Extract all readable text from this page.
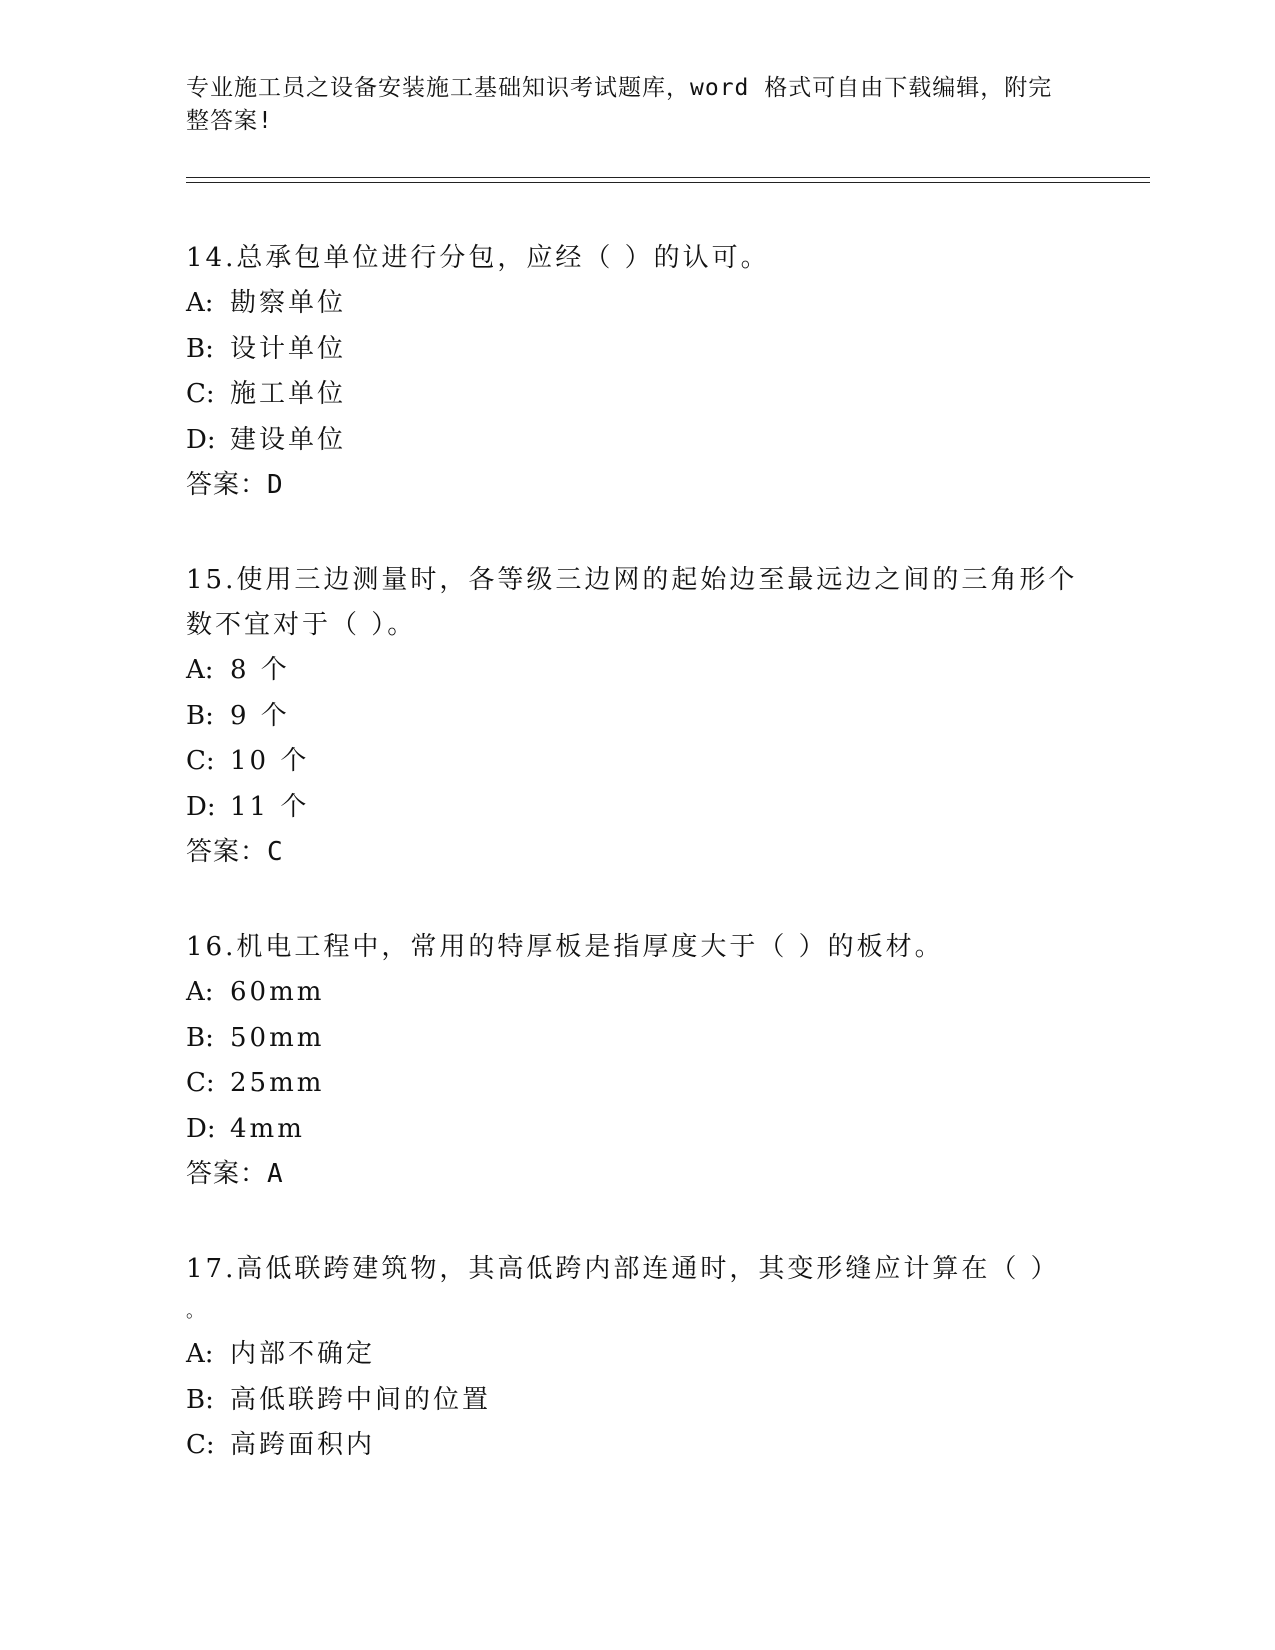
专业施工员之设备安装施工基础知识考试题库，word 格式可自由下载编辑，附完
整答案!
14.总承包单位进行分包，应经（ ）的认可。
A: 勘察单位
B: 设计单位
C: 施工单位
D: 建设单位
答案：D
15.使用三边测量时，各等级三边网的起始边至最远边之间的三角形个
数不宜对于（ ）。
A: 8 个
B: 9 个
C: 10 个
D: 11 个
答案：C
16.机电工程中，常用的特厚板是指厚度大于（ ）的板材。
A: 60mm
B: 50mm
C: 25mm
D: 4mm
答案：A
17.高低联跨建筑物，其高低跨内部连通时，其变形缝应计算在（ ）
。
A: 内部不确定
B: 高低联跨中间的位置
C: 高跨面积内
